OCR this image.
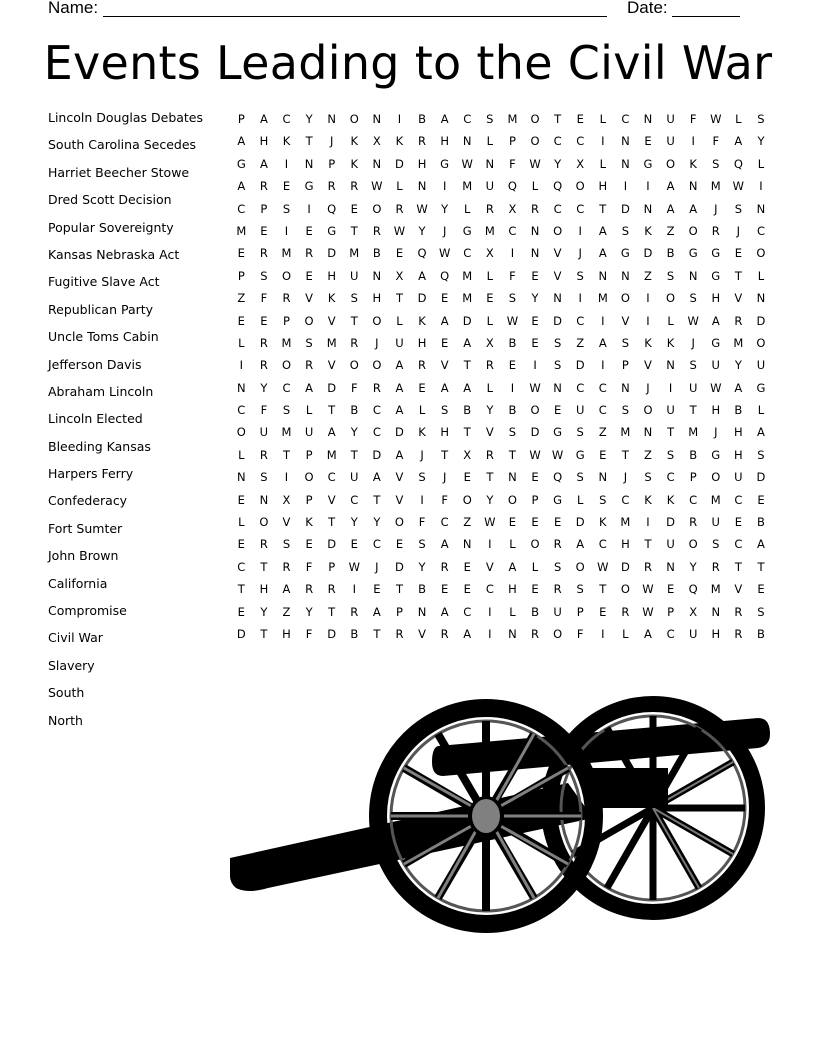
Name:	Date:
Events Leading to the Civil War
Lincoln Douglas Debates
South Carolina Secedes
Harriet Beecher Stowe
Dred Scott Decision
Popular Sovereignty
Kansas Nebraska Act
Fugitive Slave Act
Republican Party
Uncle Toms Cabin
Jefferson Davis
Abraham Lincoln
Lincoln Elected
Bleeding Kansas
Harpers Ferry
Confederacy
Fort Sumter
John Brown
California
Compromise
Civil War
Slavery
South
North
P	A	C	Y	N	O	N	I	B	A	C	S	M	O	T	E	L	C	N	U	F	W	L	S
A	H	K	T	J	K	X	K	R	H	N	L	P	O	C	C	I	N	E	U	I	F	A	Y
G	A	I	N	P	K	N	D	H	G	W	N	F	W	Y	X	L	N	G	O	K	S	Q	L
A	R	E	G	R	R	W	L	N	I	M	U	Q	L	Q	O	H	I	I	A	N	M	W	I
C	P	S	I	Q	E	O	R	W	Y	L	R	X	R	C	C	T	D	N	A	A	J	S	N
M	E	I	E	G	T	R	W	Y	J	G	M	C	N	O	I	A	S	K	Z	O	R	J	C
E	R	M	R	D	M	B	E	Q	W	C	X	I	N	V	J	A	G	D	B	G	G	E	O
P	S	O	E	H	U	N	X	A	Q	M	L	F	E	V	S	N	N	Z	S	N	G	T	L
Z	F	R	V	K	S	H	T	D	E	M	E	S	Y	N	I	M	O	I	O	S	H	V	N
E	E	P	O	V	T	O	L	K	A	D	L	W	E	D	C	I	V	I	L	W	A	R	D
L	R	M	S	M	R	J	U	H	E	A	X	B	E	S	Z	A	S	K	K	J	G	M	O
I	R	O	R	V	O	O	A	R	V	T	R	E	I	S	D	I	P	V	N	S	U	Y	U
N	Y	C	A	D	F	R	A	E	A	A	L	I	W	N	C	C	N	J	I	U	W	A	G
C	F	S	L	T	B	C	A	L	S	B	Y	B	O	E	U	C	S	O	U	T	H	B	L
O	U	M	U	A	Y	C	D	K	H	T	V	S	D	G	S	Z	M	N	T	M	J	H	A
L	R	T	P	M	T	D	A	J	T	X	R	T	W	W	G	E	T	Z	S	B	G	H	S
N	S	I	O	C	U	A	V	S	J	E	T	N	E	Q	S	N	J	S	C	P	O	U	D
E	N	X	P	V	C	T	V	I	F	O	Y	O	P	G	L	S	C	K	K	C	M	C	E
L	O	V	K	T	Y	Y	O	F	C	Z	W	E	E	E	D	K	M	I	D	R	U	E	B
E	R	S	E	D	E	C	E	S	A	N	I	L	O	R	A	C	H	T	U	O	S	C	A
C	T	R	F	P	W	J	D	Y	R	E	V	A	L	S	O	W	D	R	N	Y	R	T	T
T	H	A	R	R	I	E	T	B	E	E	C	H	E	R	S	T	O	W	E	Q	M	V	E
E	Y	Z	Y	T	R	A	P	N	A	C	I	L	B	U	P	E	R	W	P	X	N	R	S
D	T	H	F	D	B	T	R	V	R	A	I	N	R	O	F	I	L	A	C	U	H	R	B
